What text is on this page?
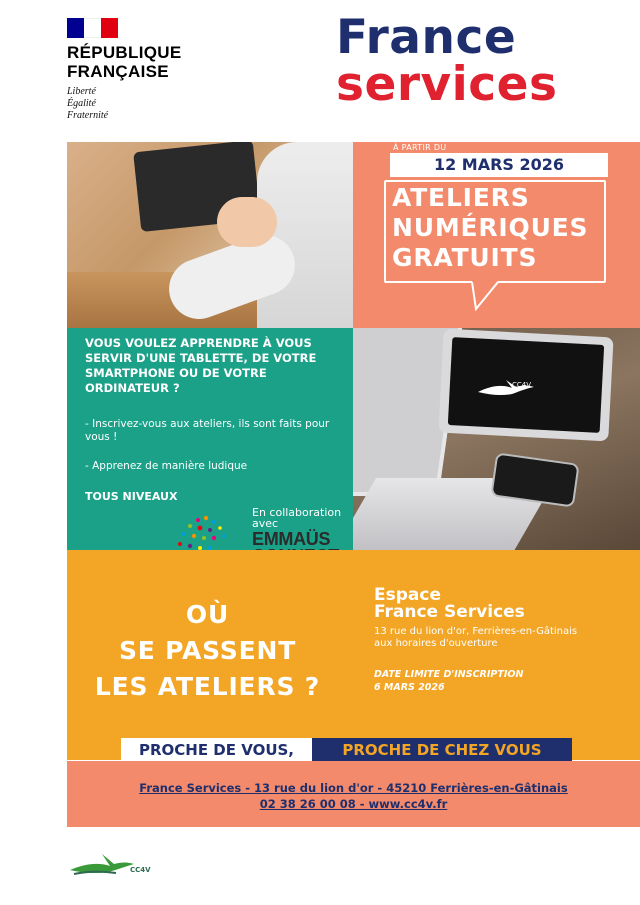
RÉPUBLIQUE
FRANÇAISE
Liberté
Égalité
Fraternité
France
services
À PARTIR DU
12 MARS 2026
ATELIERS
NUMÉRIQUES
GRATUITS
VOUS VOULEZ APPRENDRE À VOUS SERVIR D'UNE TABLETTE, DE VOTRE SMARTPHONE OU DE VOTRE ORDINATEUR ?
- Inscrivez-vous aux ateliers, ils sont faits pour vous !
- Apprenez de manière ludique
TOUS NIVEAUX
En collaboration
avec
EMMAÜS
CC4V
OÙ
SE PASSENT
LES ATELIERS ?
Espace
France Services
13 rue du lion d'or, Ferrières-en-Gâtinais
aux horaires d'ouverture
DATE LIMITE D'INSCRIPTION
6 MARS 2026
PROCHE DE VOUS,	PROCHE DE CHEZ VOUS
France Services - 13 rue du lion d'or - 45210 Ferrières-en-Gâtinais
02 38 26 00 08 - www.cc4v.fr
CC4V
